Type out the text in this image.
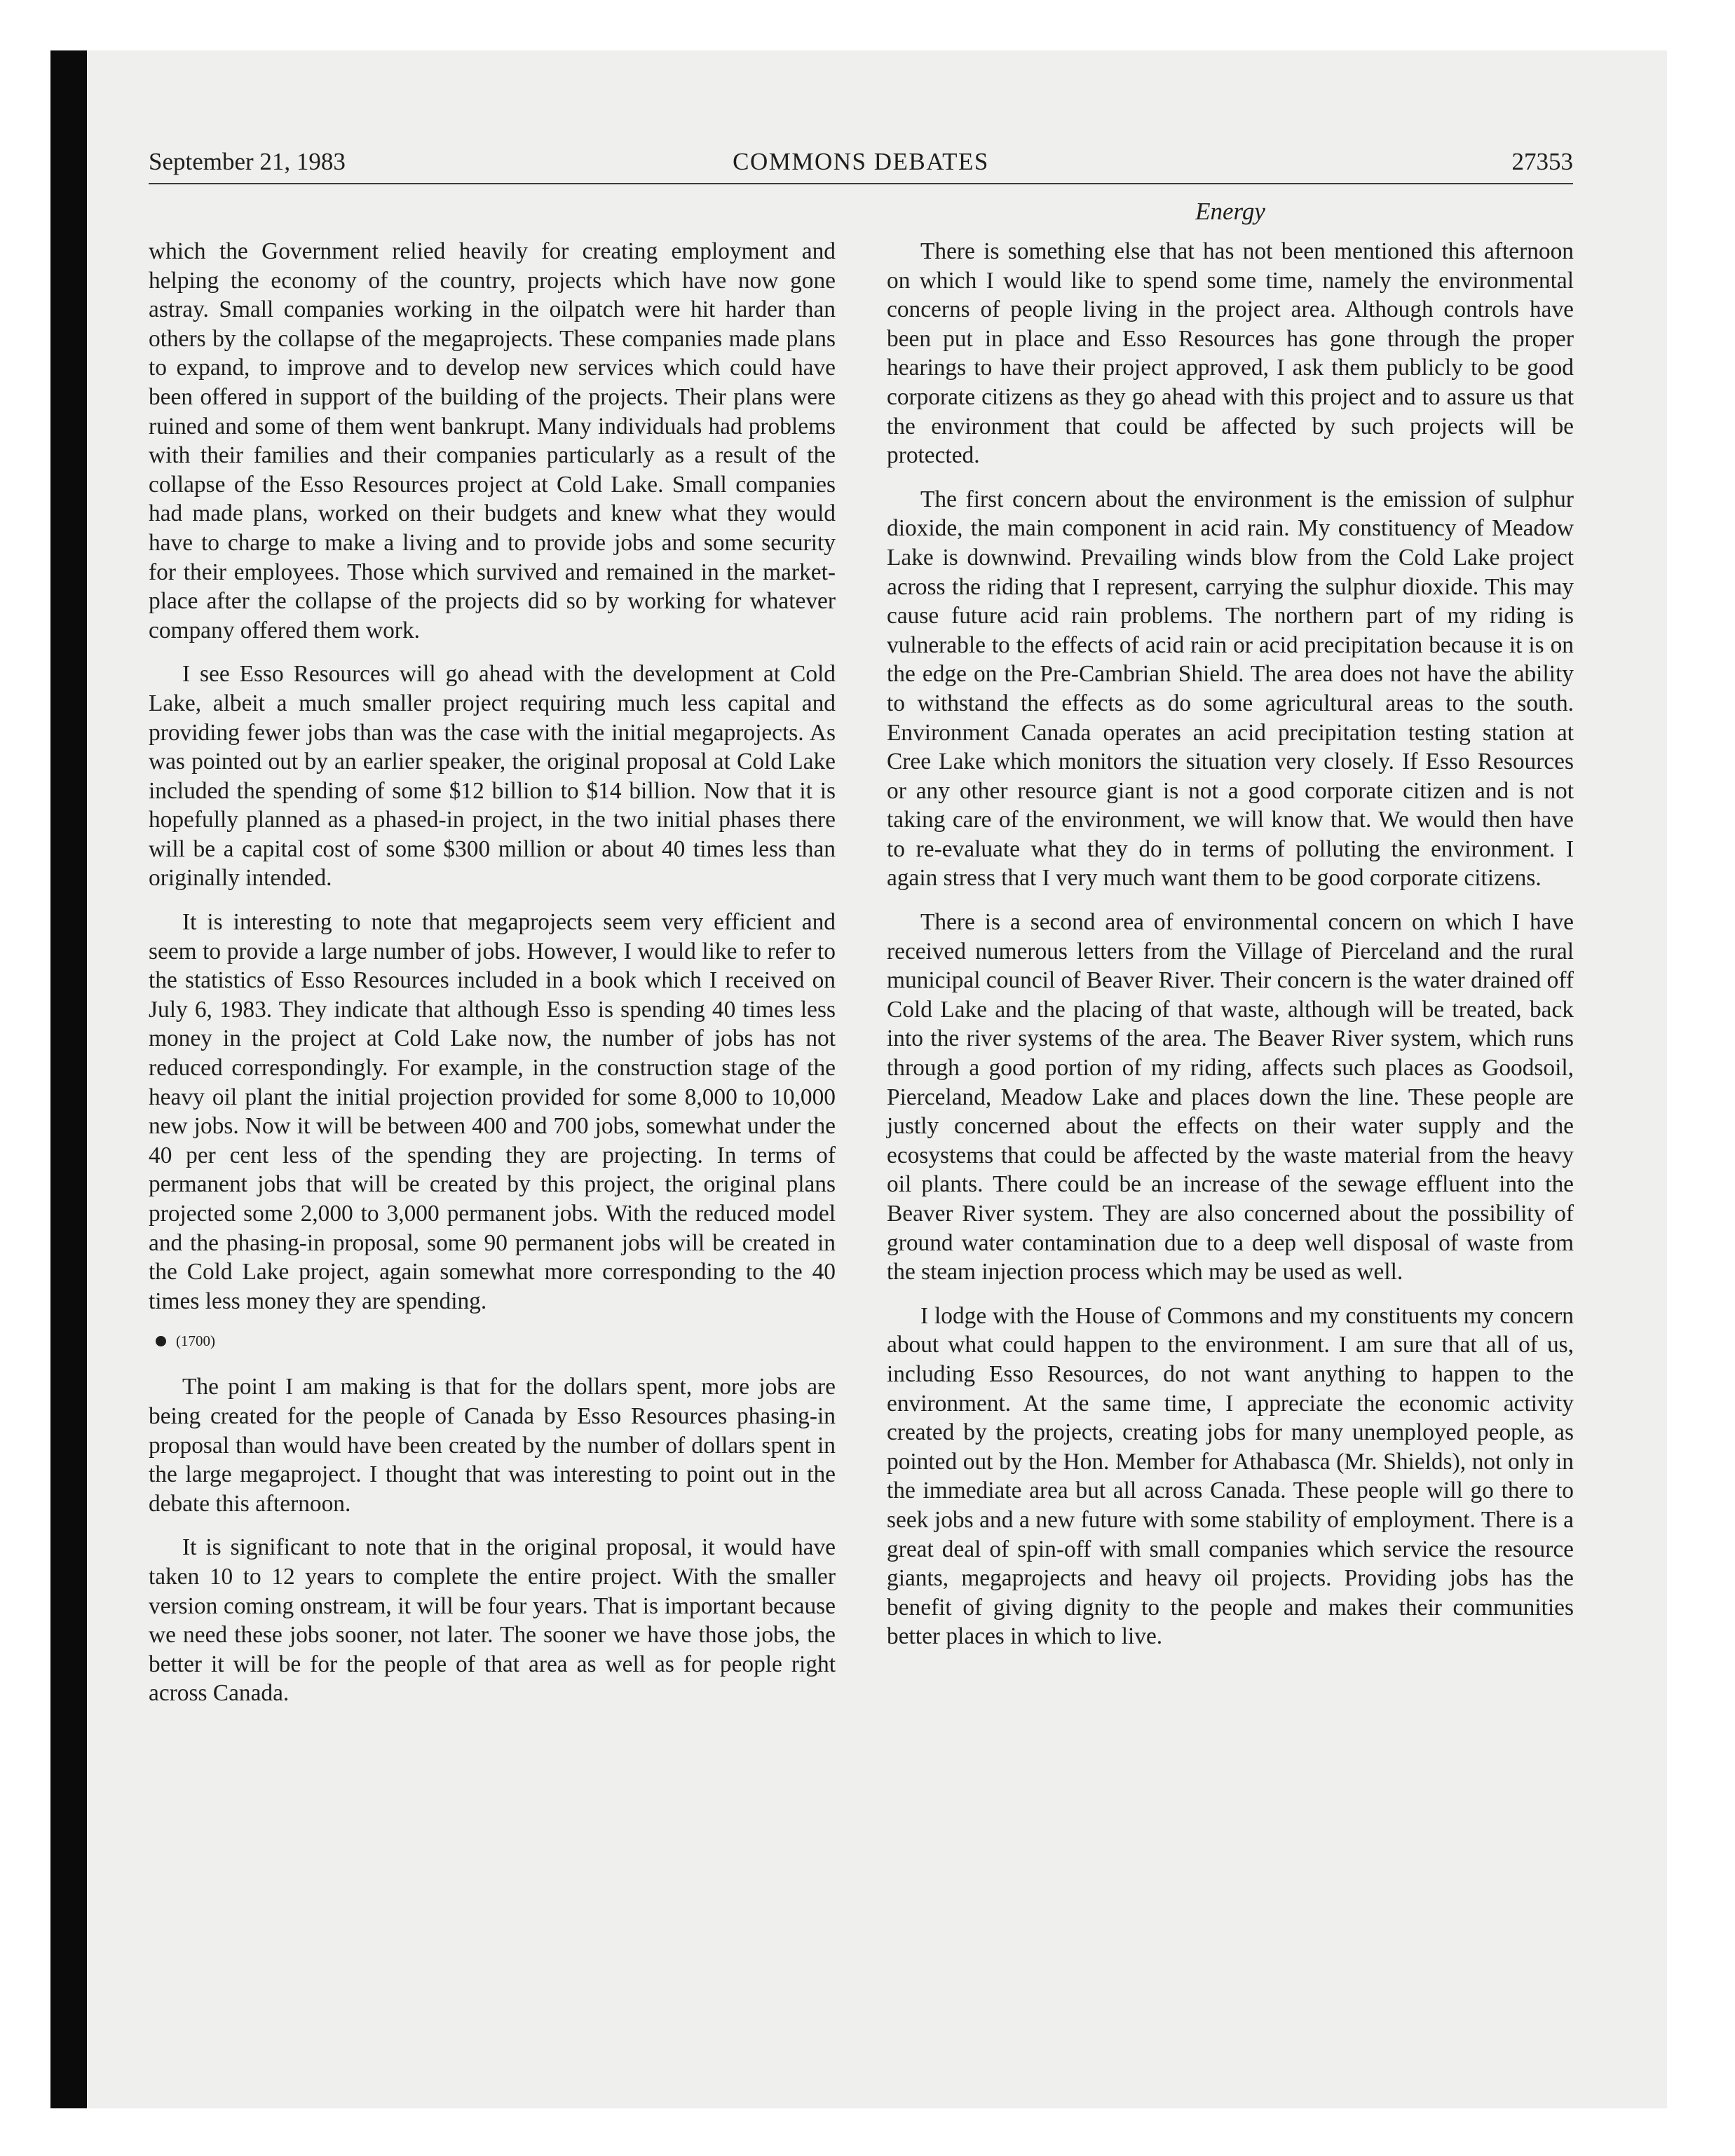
September 21, 1983	COMMONS DEBATES	27353
Energy

which the Government relied heavily for creating employment and helping the economy of the country, projects which have now gone astray. Small companies working in the oilpatch were hit harder than others by the collapse of the megaprojects. These companies made plans to expand, to improve and to develop new services which could have been offered in support of the building of the projects. Their plans were ruined and some of them went bankrupt. Many individuals had problems with their families and their companies particularly as a result of the collapse of the Esso Resources project at Cold Lake. Small companies had made plans, worked on their budgets and knew what they would have to charge to make a living and to provide jobs and some security for their employees. Those which survived and remained in the marketplace after the collapse of the projects did so by working for whatever company offered them work.

I see Esso Resources will go ahead with the development at Cold Lake, albeit a much smaller project requiring much less capital and providing fewer jobs than was the case with the initial megaprojects. As was pointed out by an earlier speaker, the original proposal at Cold Lake included the spending of some $12 billion to $14 billion. Now that it is hopefully planned as a phased-in project, in the two initial phases there will be a capital cost of some $300 million or about 40 times less than originally intended.

It is interesting to note that megaprojects seem very efficient and seem to provide a large number of jobs. However, I would like to refer to the statistics of Esso Resources included in a book which I received on July 6, 1983. They indicate that although Esso is spending 40 times less money in the project at Cold Lake now, the number of jobs has not reduced correspondingly. For example, in the construction stage of the heavy oil plant the initial projection provided for some 8,000 to 10,000 new jobs. Now it will be between 400 and 700 jobs, somewhat under the 40 per cent less of the spending they are projecting. In terms of permanent jobs that will be created by this project, the original plans projected some 2,000 to 3,000 permanent jobs. With the reduced model and the phasing-in proposal, some 90 permanent jobs will be created in the Cold Lake project, again somewhat more corresponding to the 40 times less money they are spending.

(1700)

The point I am making is that for the dollars spent, more jobs are being created for the people of Canada by Esso Resources phasing-in proposal than would have been created by the number of dollars spent in the large megaproject. I thought that was interesting to point out in the debate this afternoon.

It is significant to note that in the original proposal, it would have taken 10 to 12 years to complete the entire project. With the smaller version coming onstream, it will be four years. That is important because we need these jobs sooner, not later. The sooner we have those jobs, the better it will be for the people of that area as well as for people right across Canada.

There is something else that has not been mentioned this afternoon on which I would like to spend some time, namely the environmental concerns of people living in the project area. Although controls have been put in place and Esso Resources has gone through the proper hearings to have their project approved, I ask them publicly to be good corporate citizens as they go ahead with this project and to assure us that the environment that could be affected by such projects will be protected.

The first concern about the environment is the emission of sulphur dioxide, the main component in acid rain. My constituency of Meadow Lake is downwind. Prevailing winds blow from the Cold Lake project across the riding that I represent, carrying the sulphur dioxide. This may cause future acid rain problems. The northern part of my riding is vulnerable to the effects of acid rain or acid precipitation because it is on the edge on the Pre-Cambrian Shield. The area does not have the ability to withstand the effects as do some agricultural areas to the south. Environment Canada operates an acid precipitation testing station at Cree Lake which monitors the situation very closely. If Esso Resources or any other resource giant is not a good corporate citizen and is not taking care of the environment, we will know that. We would then have to re-evaluate what they do in terms of polluting the environment. I again stress that I very much want them to be good corporate citizens.

There is a second area of environmental concern on which I have received numerous letters from the Village of Pierceland and the rural municipal council of Beaver River. Their concern is the water drained off Cold Lake and the placing of that waste, although will be treated, back into the river systems of the area. The Beaver River system, which runs through a good portion of my riding, affects such places as Goodsoil, Pierceland, Meadow Lake and places down the line. These people are justly concerned about the effects on their water supply and the ecosystems that could be affected by the waste material from the heavy oil plants. There could be an increase of the sewage effluent into the Beaver River system. They are also concerned about the possibility of ground water contamination due to a deep well disposal of waste from the steam injection process which may be used as well.

I lodge with the House of Commons and my constituents my concern about what could happen to the environment. I am sure that all of us, including Esso Resources, do not want anything to happen to the environment. At the same time, I appreciate the economic activity created by the projects, creating jobs for many unemployed people, as pointed out by the Hon. Member for Athabasca (Mr. Shields), not only in the immediate area but all across Canada. These people will go there to seek jobs and a new future with some stability of employment. There is a great deal of spin-off with small companies which service the resource giants, megaprojects and heavy oil projects. Providing jobs has the benefit of giving dignity to the people and makes their communities better places in which to live.
